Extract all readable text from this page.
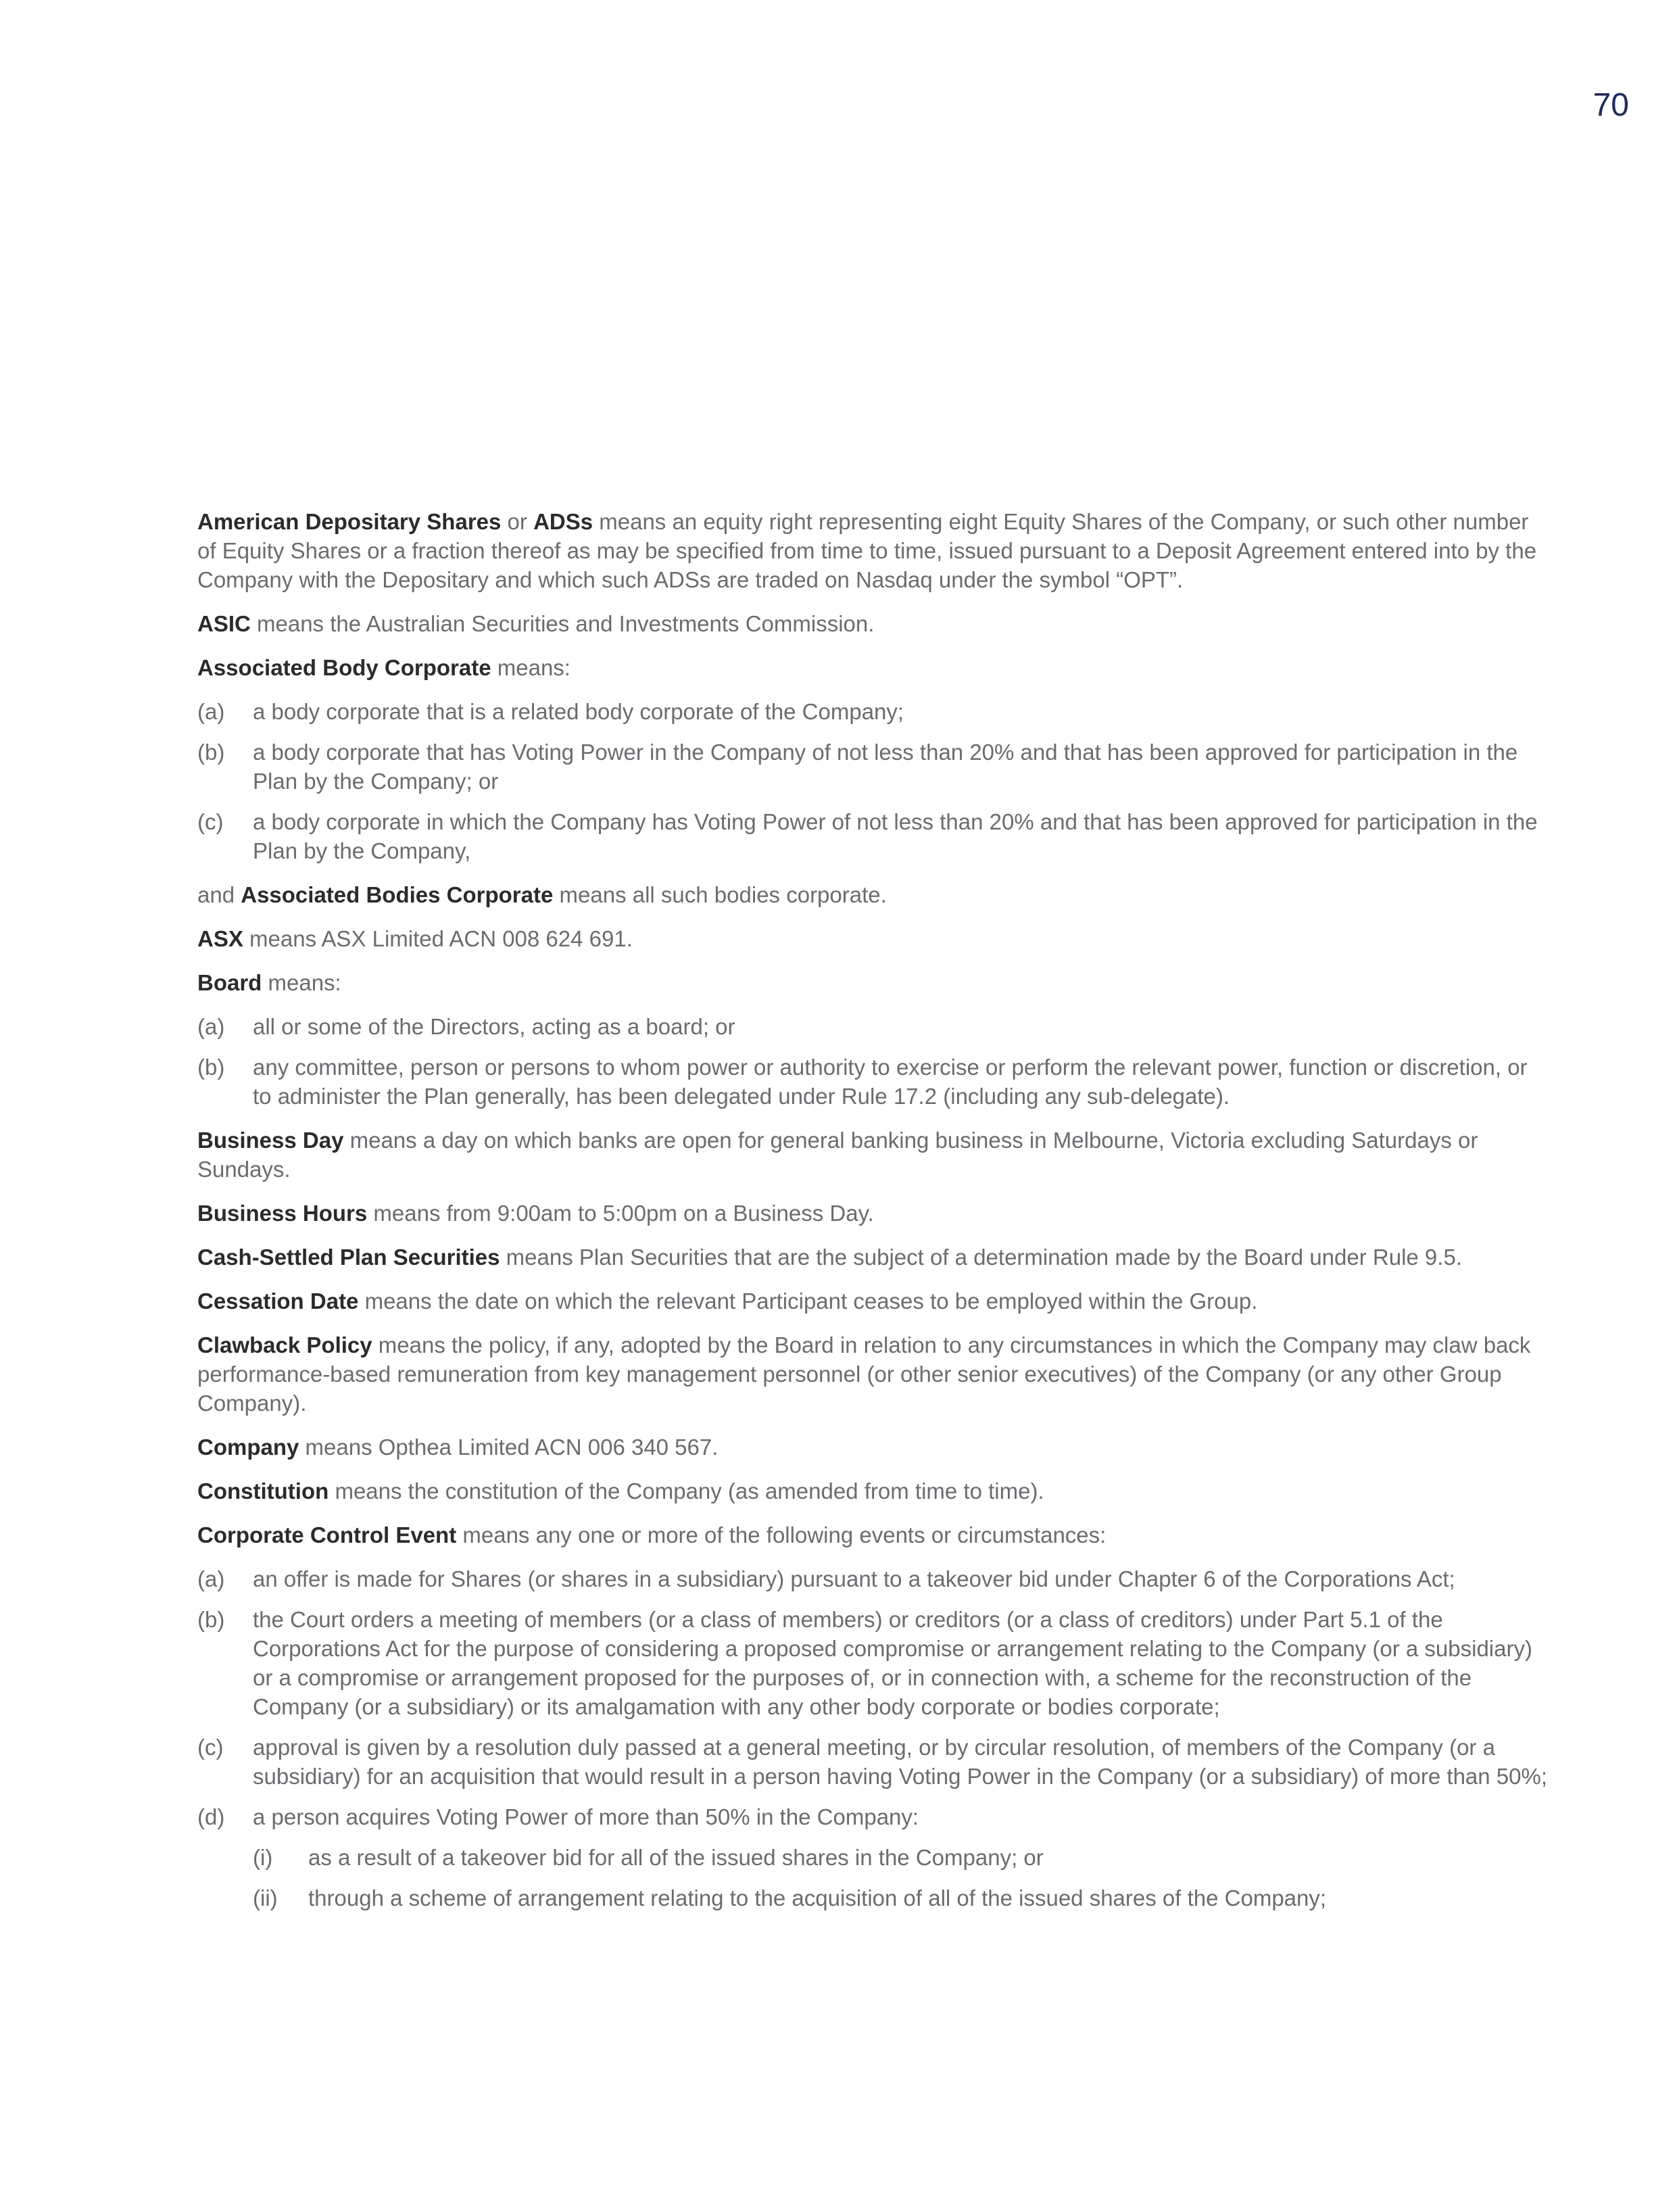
70

American Depositary Shares or ADSs means an equity right representing eight Equity Shares of the Company, or such other number of Equity Shares or a fraction thereof as may be specified from time to time, issued pursuant to a Deposit Agreement entered into by the Company with the Depositary and which such ADSs are traded on Nasdaq under the symbol “OPT”.

ASIC means the Australian Securities and Investments Commission.

Associated Body Corporate means:

(a)	a body corporate that is a related body corporate of the Company;
(b)	a body corporate that has Voting Power in the Company of not less than 20% and that has been approved for participation in the Plan by the Company; or
(c)	a body corporate in which the Company has Voting Power of not less than 20% and that has been approved for participation in the Plan by the Company,

and Associated Bodies Corporate means all such bodies corporate.

ASX means ASX Limited ACN 008 624 691.

Board means:

(a)	all or some of the Directors, acting as a board; or
(b)	any committee, person or persons to whom power or authority to exercise or perform the relevant power, function or discretion, or to administer the Plan generally, has been delegated under Rule 17.2 (including any sub-delegate).

Business Day means a day on which banks are open for general banking business in Melbourne, Victoria excluding Saturdays or Sundays.

Business Hours means from 9:00am to 5:00pm on a Business Day.

Cash-Settled Plan Securities means Plan Securities that are the subject of a determination made by the Board under Rule 9.5.

Cessation Date means the date on which the relevant Participant ceases to be employed within the Group.

Clawback Policy means the policy, if any, adopted by the Board in relation to any circumstances in which the Company may claw back performance-based remuneration from key management personnel (or other senior executives) of the Company (or any other Group Company).

Company means Opthea Limited ACN 006 340 567.

Constitution means the constitution of the Company (as amended from time to time).

Corporate Control Event means any one or more of the following events or circumstances:

(a)	an offer is made for Shares (or shares in a subsidiary) pursuant to a takeover bid under Chapter 6 of the Corporations Act;
(b)	the Court orders a meeting of members (or a class of members) or creditors (or a class of creditors) under Part 5.1 of the Corporations Act for the purpose of considering a proposed compromise or arrangement relating to the Company (or a subsidiary) or a compromise or arrangement proposed for the purposes of, or in connection with, a scheme for the reconstruction of the Company (or a subsidiary) or its amalgamation with any other body corporate or bodies corporate;
(c)	approval is given by a resolution duly passed at a general meeting, or by circular resolution, of members of the Company (or a subsidiary) for an acquisition that would result in a person having Voting Power in the Company (or a subsidiary) of more than 50%;
(d)	a person acquires Voting Power of more than 50% in the Company:
(i)	as a result of a takeover bid for all of the issued shares in the Company; or
(ii)	through a scheme of arrangement relating to the acquisition of all of the issued shares of the Company;
